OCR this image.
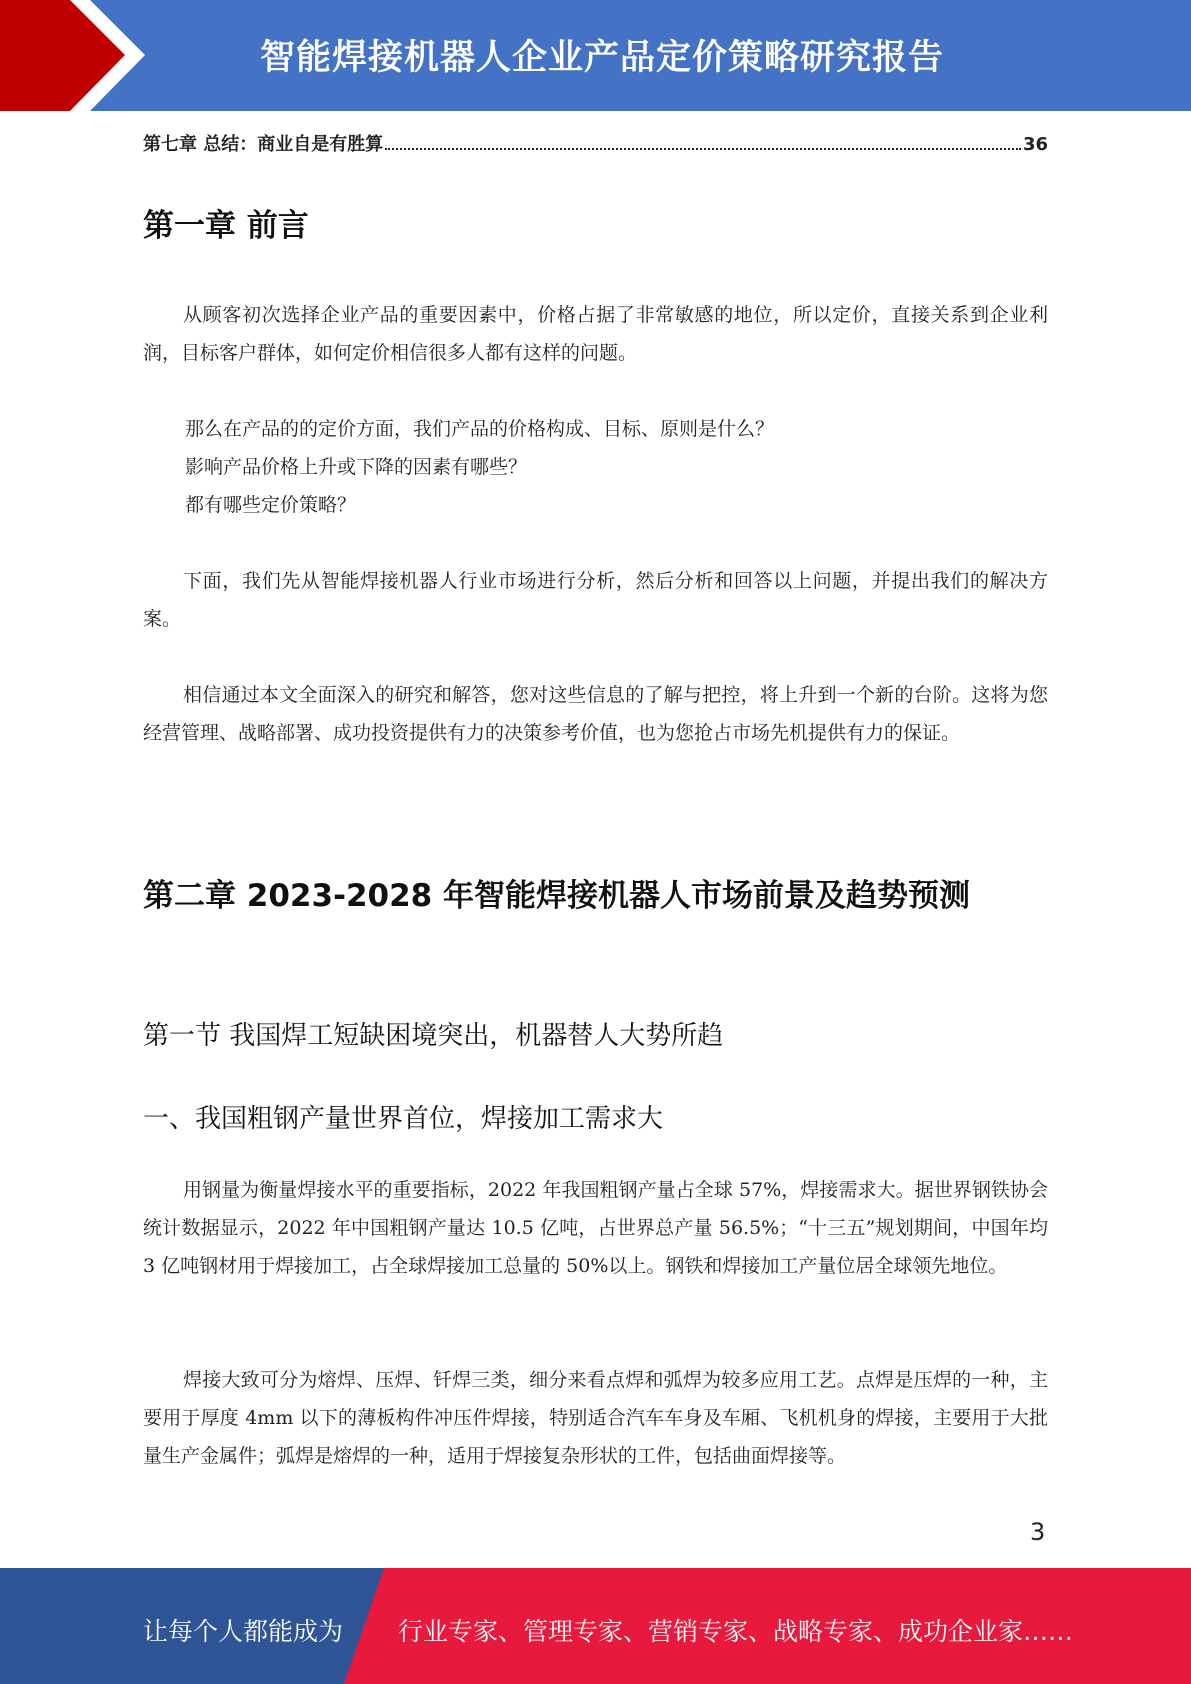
智能焊接机器人企业产品定价策略研究报告
第七章 总结：商业自是有胜算	36
第一章 前言
从顾客初次选择企业产品的重要因素中，价格占据了非常敏感的地位，所以定价，直接关系到企业利润，目标客户群体，如何定价相信很多人都有这样的问题。
那么在产品的的定价方面，我们产品的价格构成、目标、原则是什么？
影响产品价格上升或下降的因素有哪些？
都有哪些定价策略？
下面，我们先从智能焊接机器人行业市场进行分析，然后分析和回答以上问题，并提出我们的解决方案。
相信通过本文全面深入的研究和解答，您对这些信息的了解与把控，将上升到一个新的台阶。这将为您经营管理、战略部署、成功投资提供有力的决策参考价值，也为您抢占市场先机提供有力的保证。
第二章 2023-2028 年智能焊接机器人市场前景及趋势预测
第一节 我国焊工短缺困境突出，机器替人大势所趋
一、我国粗钢产量世界首位，焊接加工需求大
用钢量为衡量焊接水平的重要指标，2022 年我国粗钢产量占全球 57%，焊接需求大。据世界钢铁协会统计数据显示，2022 年中国粗钢产量达 10.5 亿吨，占世界总产量 56.5%；“十三五”规划期间，中国年均 3 亿吨钢材用于焊接加工，占全球焊接加工总量的 50%以上。钢铁和焊接加工产量位居全球领先地位。
焊接大致可分为熔焊、压焊、钎焊三类，细分来看点焊和弧焊为较多应用工艺。点焊是压焊的一种，主要用于厚度 4mm 以下的薄板构件冲压件焊接，特别适合汽车车身及车厢、飞机机身的焊接，主要用于大批量生产金属件；弧焊是熔焊的一种，适用于焊接复杂形状的工件，包括曲面焊接等。
3
让每个人都能成为 行业专家、管理专家、营销专家、战略专家、成功企业家……
